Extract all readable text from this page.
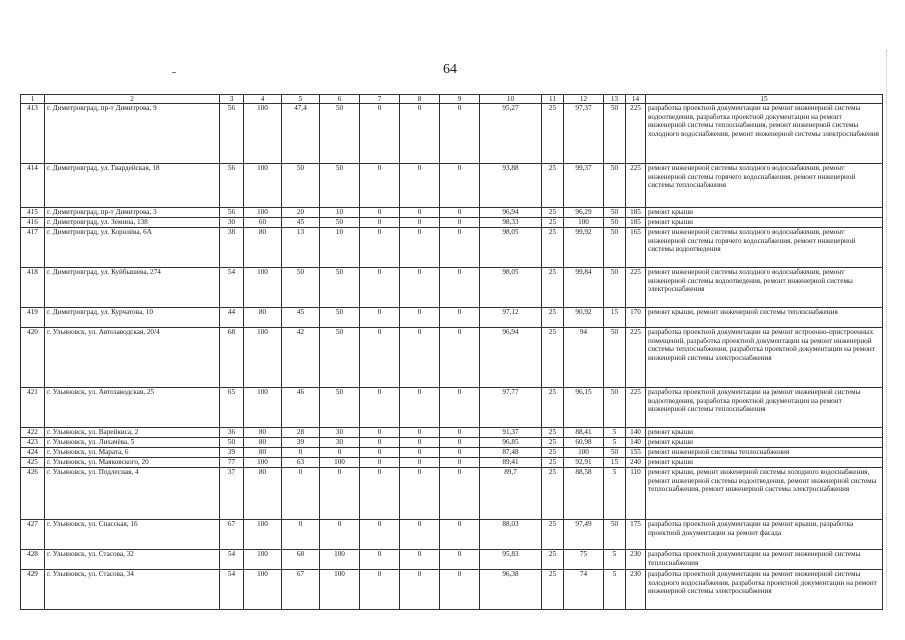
64
1	2	3	4	5	6	7	8	9	10	11	12	13	14	15
413	г. Димитровград, пр-т Димитрова, 9	56	100	47,4	50	0	0	0	95,27	25	97,37	50	225	разработка проектной документации на ремонт инженерной системы водоотведения, разработка проектной документации на ремонт инженерной системы теплоснабжения, ремонт инженерной системы холодного водоснабжения, ремонт инженерной системы электроснабжения
414	г. Димитровград, ул. Гвардейская, 18	56	100	50	50	0	0	0	93,88	25	99,37	50	225	ремонт инженерной системы холодного водоснабжения, ремонт инженерной системы горячего водоснабжения, ремонт инженерной системы теплоснабжения
415	г. Димитровград, пр-т Димитрова, 3	56	100	20	10	0	0	0	96,94	25	96,29	50	185	ремонт крыши
416	г. Димитровград, ул. Земина, 138	30	60	45	50	0	0	0	98,33	25	100	50	185	ремонт крыши
417	г. Димитровград, ул. Королёва, 6А	38	80	13	10	0	0	0	98,05	25	99,92	50	165	ремонт инженерной системы холодного водоснабжения, ремонт инженерной системы горячего водоснабжения, ремонт инженерной системы водоотведения
418	г. Димитровград, ул. Куйбышева, 274	54	100	50	50	0	0	0	98,05	25	99,84	50	225	ремонт инженерной системы холодного водоснабжения, ремонт инженерной системы водоотведения, ремонт инженерной системы электроснабжения
419	г. Димитровград, ул. Курчатова, 10	44	80	45	50	0	0	0	97,12	25	90,92	15	170	ремонт крыши, ремонт инженерной системы теплоснабжения
420	г. Ульяновск, ул. Автозаводская, 20/4	68	100	42	50	0	0	0	96,94	25	94	50	225	разработка проектной документации на ремонт встроенно-пристроенных помещений, разработка проектной документации на ремонт инженерной системы теплоснабжения, разработка проектной документации на ремонт инженерной системы электроснабжения
421	г. Ульяновск, ул. Автозаводская, 25	65	100	46	50	0	0	0	97,77	25	96,15	50	225	разработка проектной документации на ремонт инженерной системы водоотведения, разработка проектной документации на ремонт инженерной системы теплоснабжения
422	г. Ульяновск, ул. Варейкиса, 2	36	80	28	30	0	0	0	91,37	25	88,41	5	140	ремонт крыши
423	г. Ульяновск, ул. Лихачёва, 5	50	80	39	30	0	0	0	96,85	25	60,98	5	140	ремонт крыши
424	г. Ульяновск, ул. Марата, 6	39	80	0	0	0	0	0	87,48	25	100	50	155	ремонт инженерной системы теплоснабжения
425	г. Ульяновск, ул. Маяковского, 20	77	100	63	100	0	0	0	89,41	25	92,91	15	240	ремонт крыши
426	г. Ульяновск, ул. Подлесная, 4	37	80	0	0	0	0	0	89,7	25	88,58	5	110	ремонт крыши, ремонт инженерной системы холодного водоснабжения, ремонт инженерной системы водоотведения, ремонт инженерной системы теплоснабжения, ремонт инженерной системы электроснабжения
427	г. Ульяновск, ул. Спасская, 16	67	100	0	0	0	0	0	88,03	25	97,49	50	175	разработка проектной документации на ремонт крыши, разработка проектной документации на ремонт фасада
428	г. Ульяновск, ул. Стасова, 32	54	100	68	100	0	0	0	95,83	25	75	5	230	разработка проектной документации на ремонт инженерной системы теплоснабжения
429	г. Ульяновск, ул. Стасова, 34	54	100	67	100	0	0	0	96,38	25	74	5	230	разработка проектной документации на ремонт инженерной системы холодного водоснабжения, разработка проектной документации на ремонт инженерной системы электроснабжения
